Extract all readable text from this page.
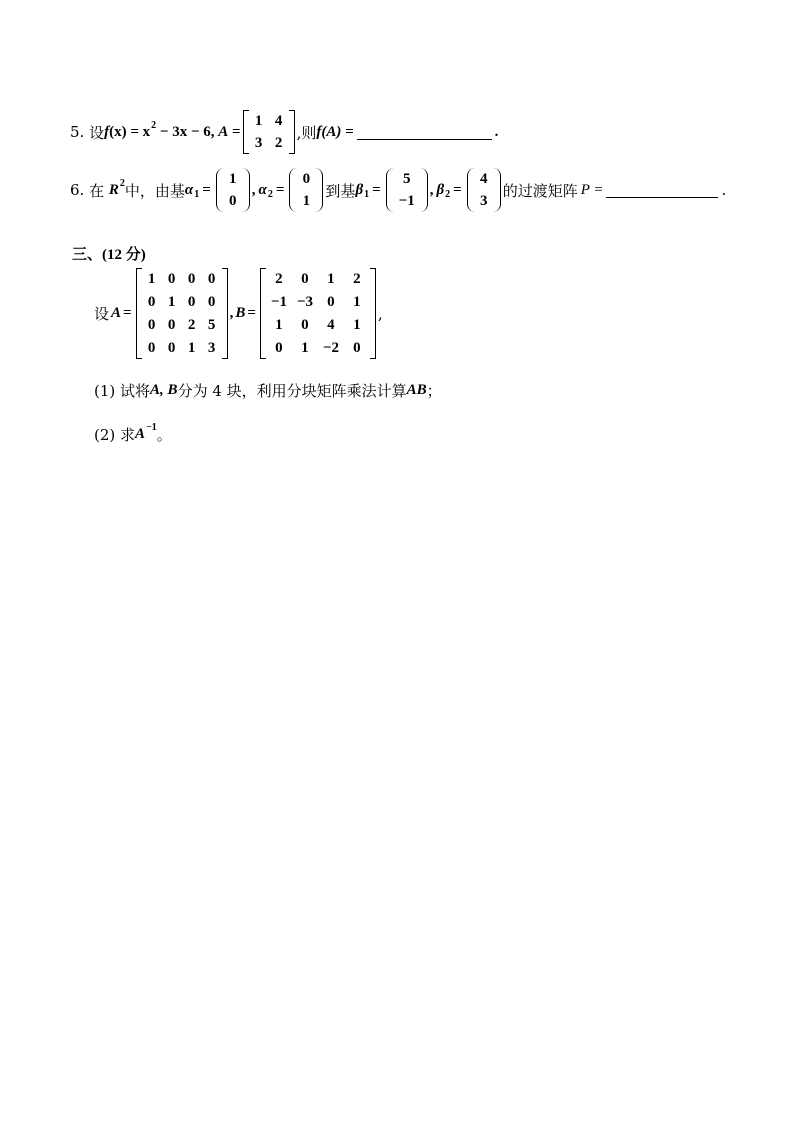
5.
设 f (x) = x 2 − 3x − 6, A =
1 4
3 2
,则 f(A) =	.
6.
在
R 2 中，由基 α 1 =
1
0
, α 2 =
0
1
到基 β 1 =
5
−1
, β 2 =
4
3
的过渡矩阵 P =	.
三、(12 分)
设 A =
1 0 0 0
0 1 0 0
0 0 2 5
0 0 1 3
, B =
2	0	1	2
−1 −3 0	1
1	0	4	1
0	1 −2 0
,
(1)
试将 A, B 分为 4 块，利用分块矩阵乘法计算 AB ；
(2)
求 A −1 。
